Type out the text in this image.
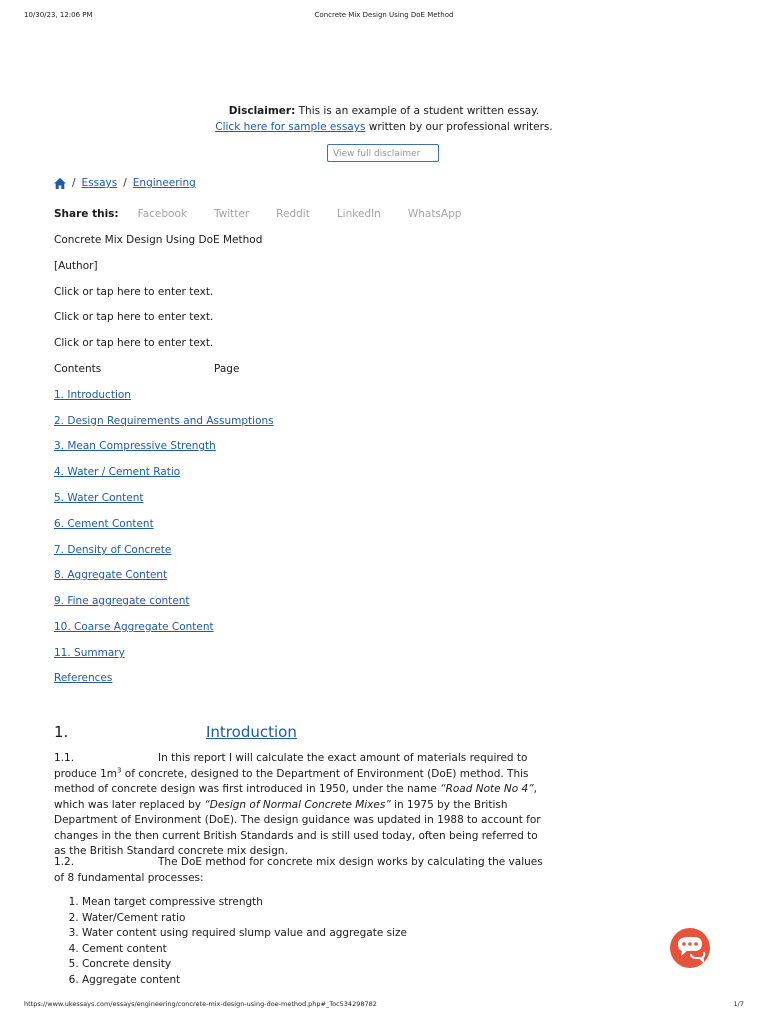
10/30/23, 12:06 PM	Concrete Mix Design Using DoE Method
Disclaimer: This is an example of a student written essay.
Click here for sample essays written by our professional writers.
View full disclaimer
/ Essays / Engineering
Share this: Facebook	Twitter	Reddit	LinkedIn	WhatsApp
Concrete Mix Design Using DoE Method
[Author]
Click or tap here to enter text.
Click or tap here to enter text.
Click or tap here to enter text.
Contents	Page
1. Introduction
2. Design Requirements and Assumptions
3. Mean Compressive Strength
4. Water / Cement Ratio
5. Water Content
6. Cement Content
7. Density of Concrete
8. Aggregate Content
9. Fine aggregate content
10. Coarse Aggregate Content
11. Summary
References
1.	Introduction
1.1.	In this report I will calculate the exact amount of materials required to produce $1m^3$ of concrete, designed to the Department of Environment (DoE) method. This method of concrete design was first introduced in 1950, under the name “Road Note No 4”, which was later replaced by “Design of Normal Concrete Mixes” in 1975 by the British Department of Environment (DoE). The design guidance was updated in 1988 to account for changes in the then current British Standards and is still used today, often being referred to as the British Standard concrete mix design.

1.2.	The DoE method for concrete mix design works by calculating the values of 8 fundamental processes:

1. Mean target compressive strength
2. Water/Cement ratio
3. Water content using required slump value and aggregate size
4. Cement content
5. Concrete density
6. Aggregate content
https://www.ukessays.com/essays/engineering/concrete-mix-design-using-doe-method.php#_Toc534298782	1/7
